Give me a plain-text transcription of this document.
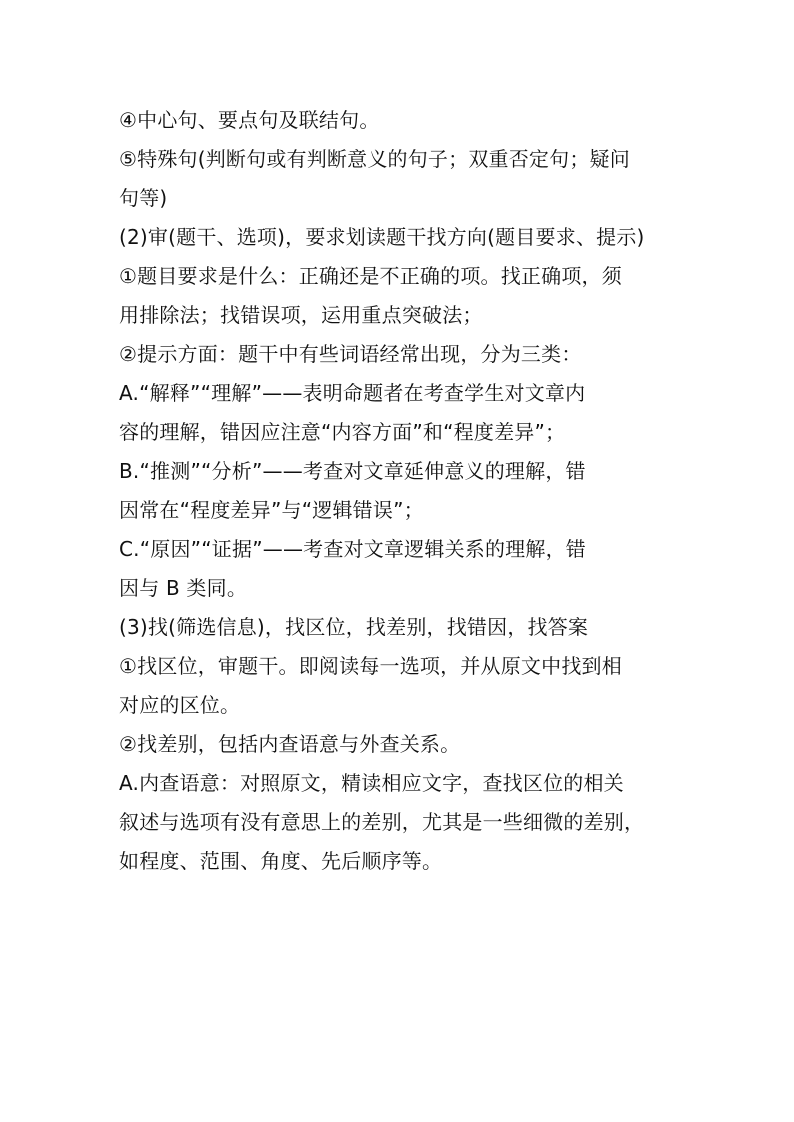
④中心句、要点句及联结句。
⑤特殊句(判断句或有判断意义的句子；双重否定句；疑问
句等)
(2)审(题干、选项)，要求划读题干找方向(题目要求、提示)
①题目要求是什么：正确还是不正确的项。找正确项，须
用排除法；找错误项，运用重点突破法；
②提示方面：题干中有些词语经常出现，分为三类：
A.“解释”“理解”——表明命题者在考查学生对文章内
容的理解，错因应注意“内容方面”和“程度差异”；
B.“推测”“分析”——考查对文章延伸意义的理解，错
因常在“程度差异”与“逻辑错误”；
C.“原因”“证据”——考查对文章逻辑关系的理解，错
因与 B 类同。
(3)找(筛选信息)，找区位，找差别，找错因，找答案
①找区位，审题干。即阅读每一选项，并从原文中找到相
对应的区位。
②找差别，包括内查语意与外查关系。
A.内查语意：对照原文，精读相应文字，查找区位的相关
叙述与选项有没有意思上的差别，尤其是一些细微的差别，
如程度、范围、角度、先后顺序等。
